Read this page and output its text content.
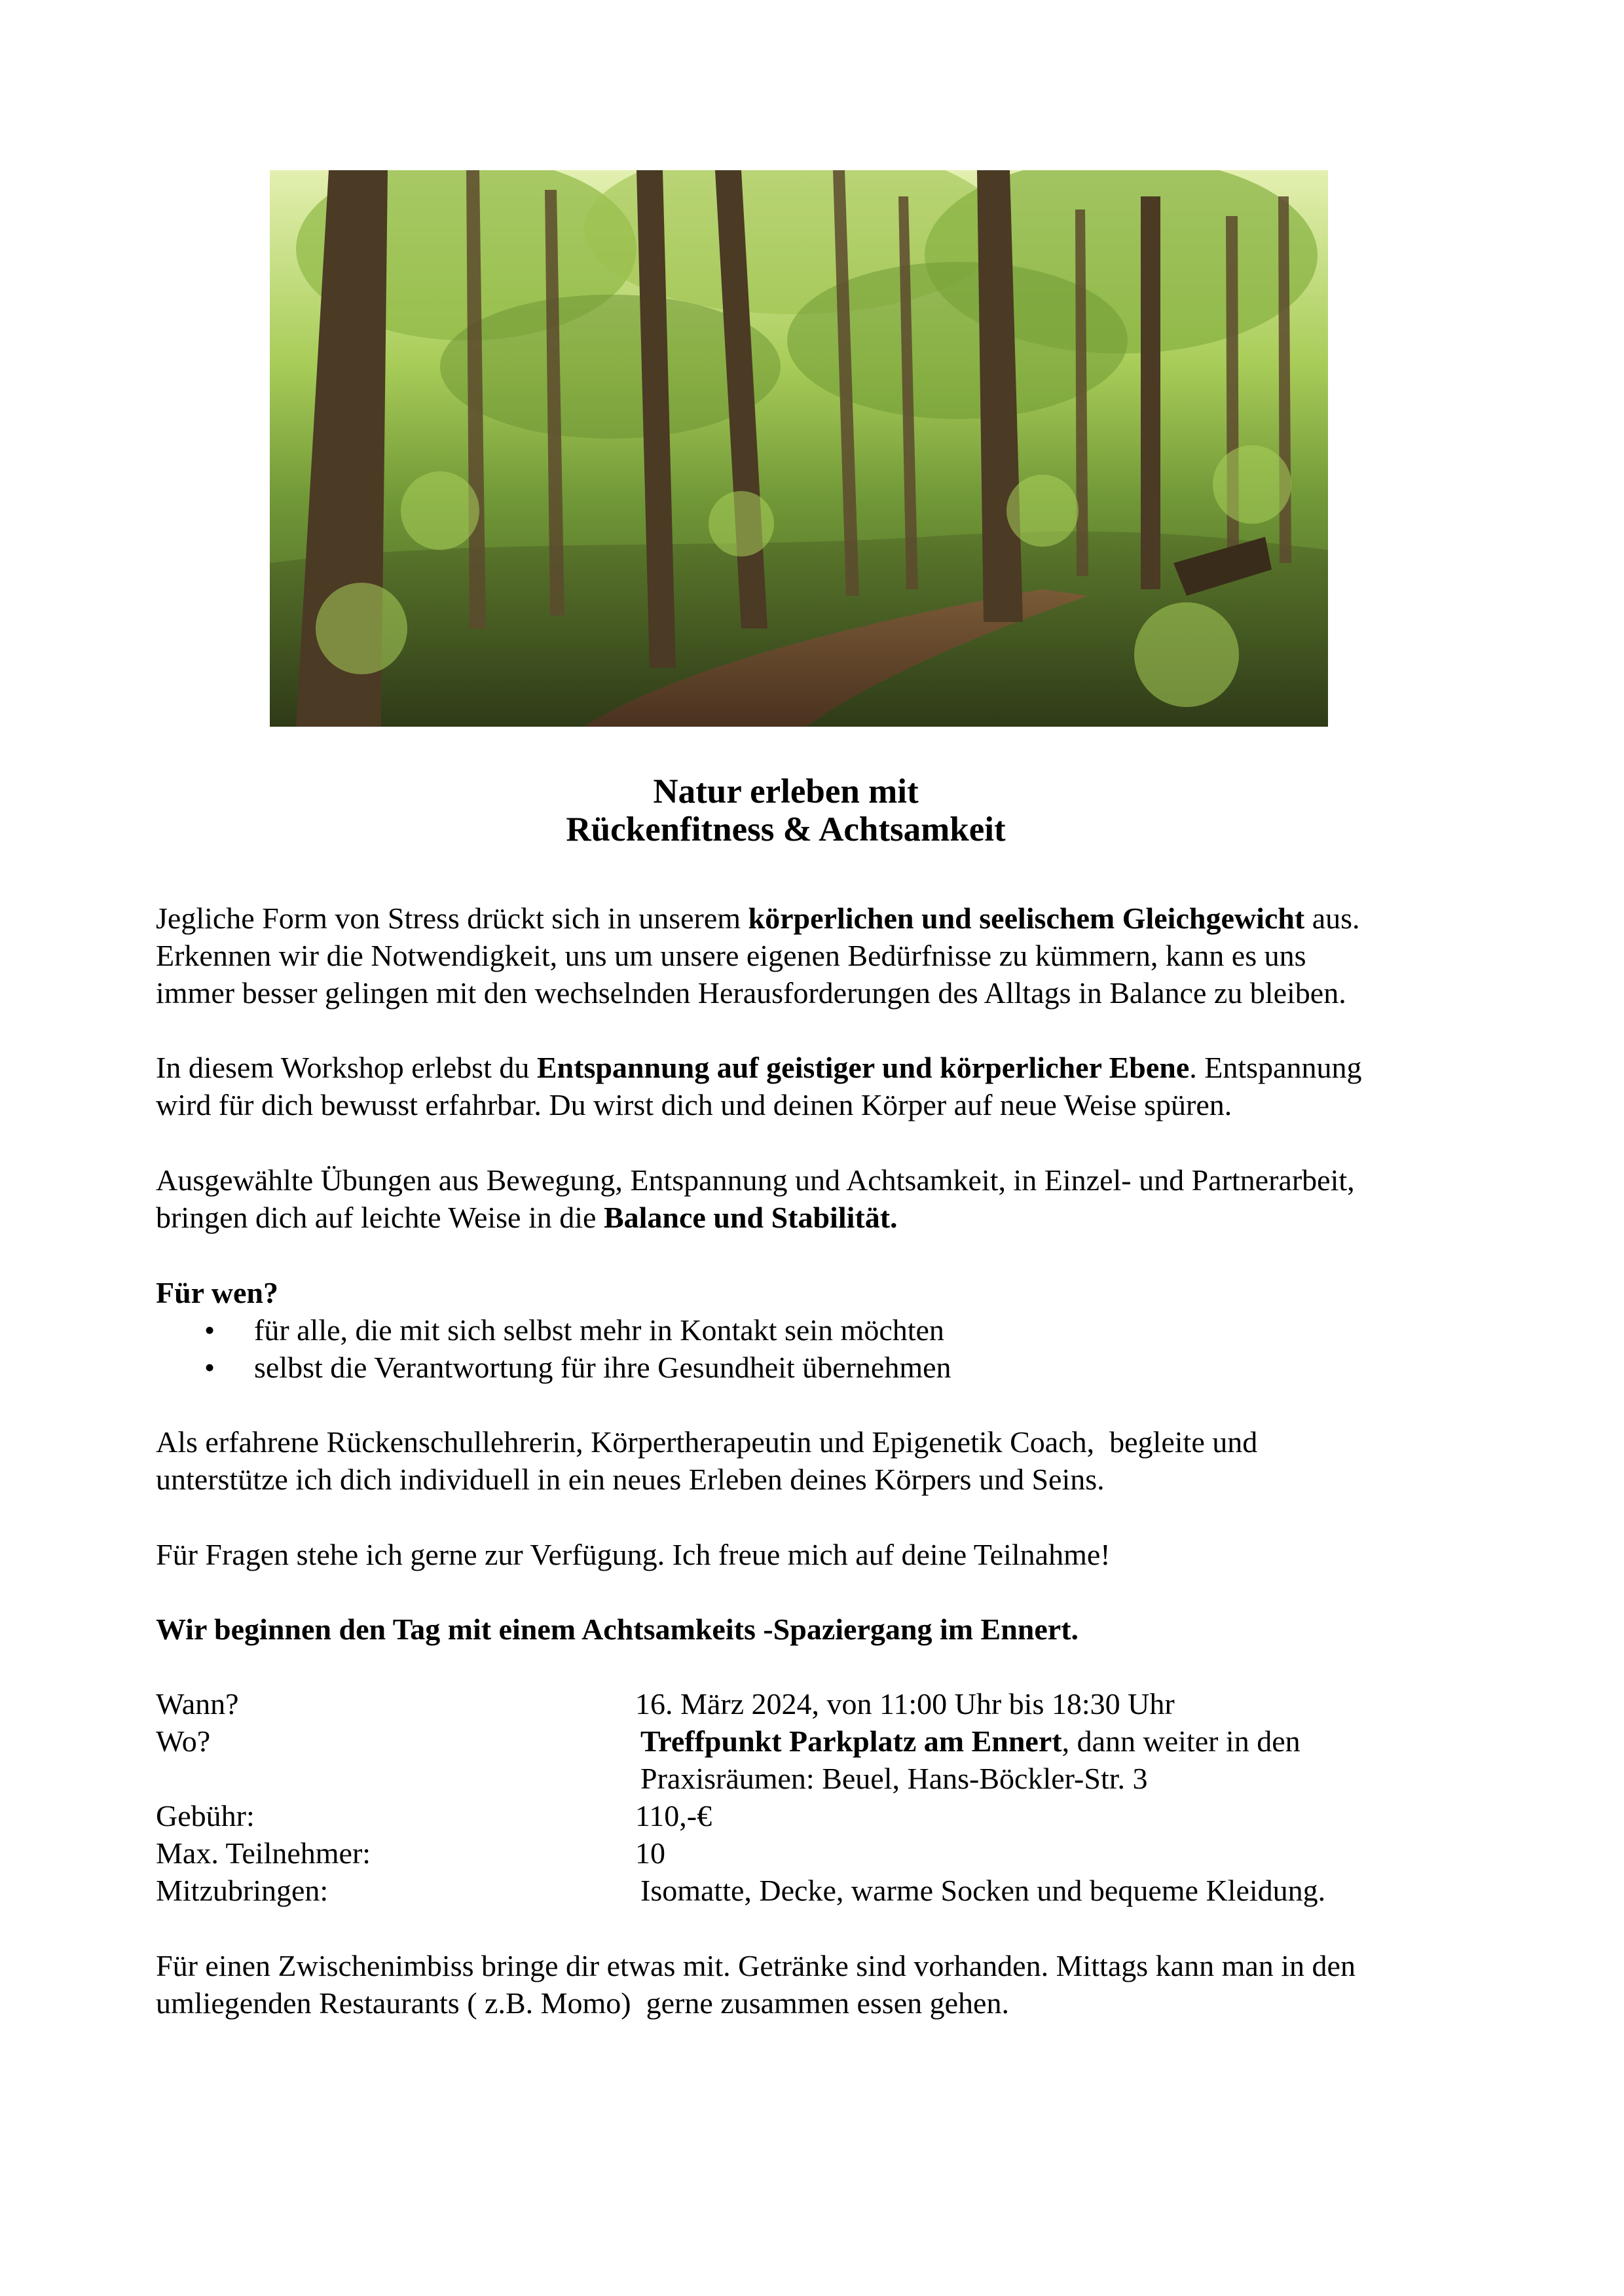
Natur erleben mit
Rückenfitness & Achtsamkeit

Jegliche Form von Stress drückt sich in unserem körperlichen und seelischem Gleichgewicht aus.

Erkennen wir die Notwendigkeit, uns um unsere eigenen Bedürfnisse zu kümmern, kann es uns

immer besser gelingen mit den wechselnden Herausforderungen des Alltags in Balance zu bleiben.

In diesem Workshop erlebst du Entspannung auf geistiger und körperlicher Ebene. Entspannung

wird für dich bewusst erfahrbar. Du wirst dich und deinen Körper auf neue Weise spüren.

Ausgewählte Übungen aus Bewegung, Entspannung und Achtsamkeit, in Einzel- und Partnerarbeit,

bringen dich auf leichte Weise in die Balance und Stabilität.

Für wen?

• für alle, die mit sich selbst mehr in Kontakt sein möchten
• selbst die Verantwortung für ihre Gesundheit übernehmen

Als erfahrene Rückenschullehrerin, Körpertherapeutin und Epigenetik Coach,  begleite und

unterstütze ich dich individuell in ein neues Erleben deines Körpers und Seins.

Für Fragen stehe ich gerne zur Verfügung. Ich freue mich auf deine Teilnahme!

Wir beginnen den Tag mit einem Achtsamkeits -Spaziergang im Ennert.

Wann?	16. März 2024, von 11:00 Uhr bis 18:30 Uhr
Wo?	Treffpunkt Parkplatz am Ennert, dann weiter in den
Praxisräumen: Beuel, Hans-Böckler-Str. 3
Gebühr:	110,-€
Max. Teilnehmer:	10
Mitzubringen:	Isomatte, Decke, warme Socken und bequeme Kleidung.

Für einen Zwischenimbiss bringe dir etwas mit. Getränke sind vorhanden. Mittags kann man in den

umliegenden Restaurants ( z.B. Momo)  gerne zusammen essen gehen.
